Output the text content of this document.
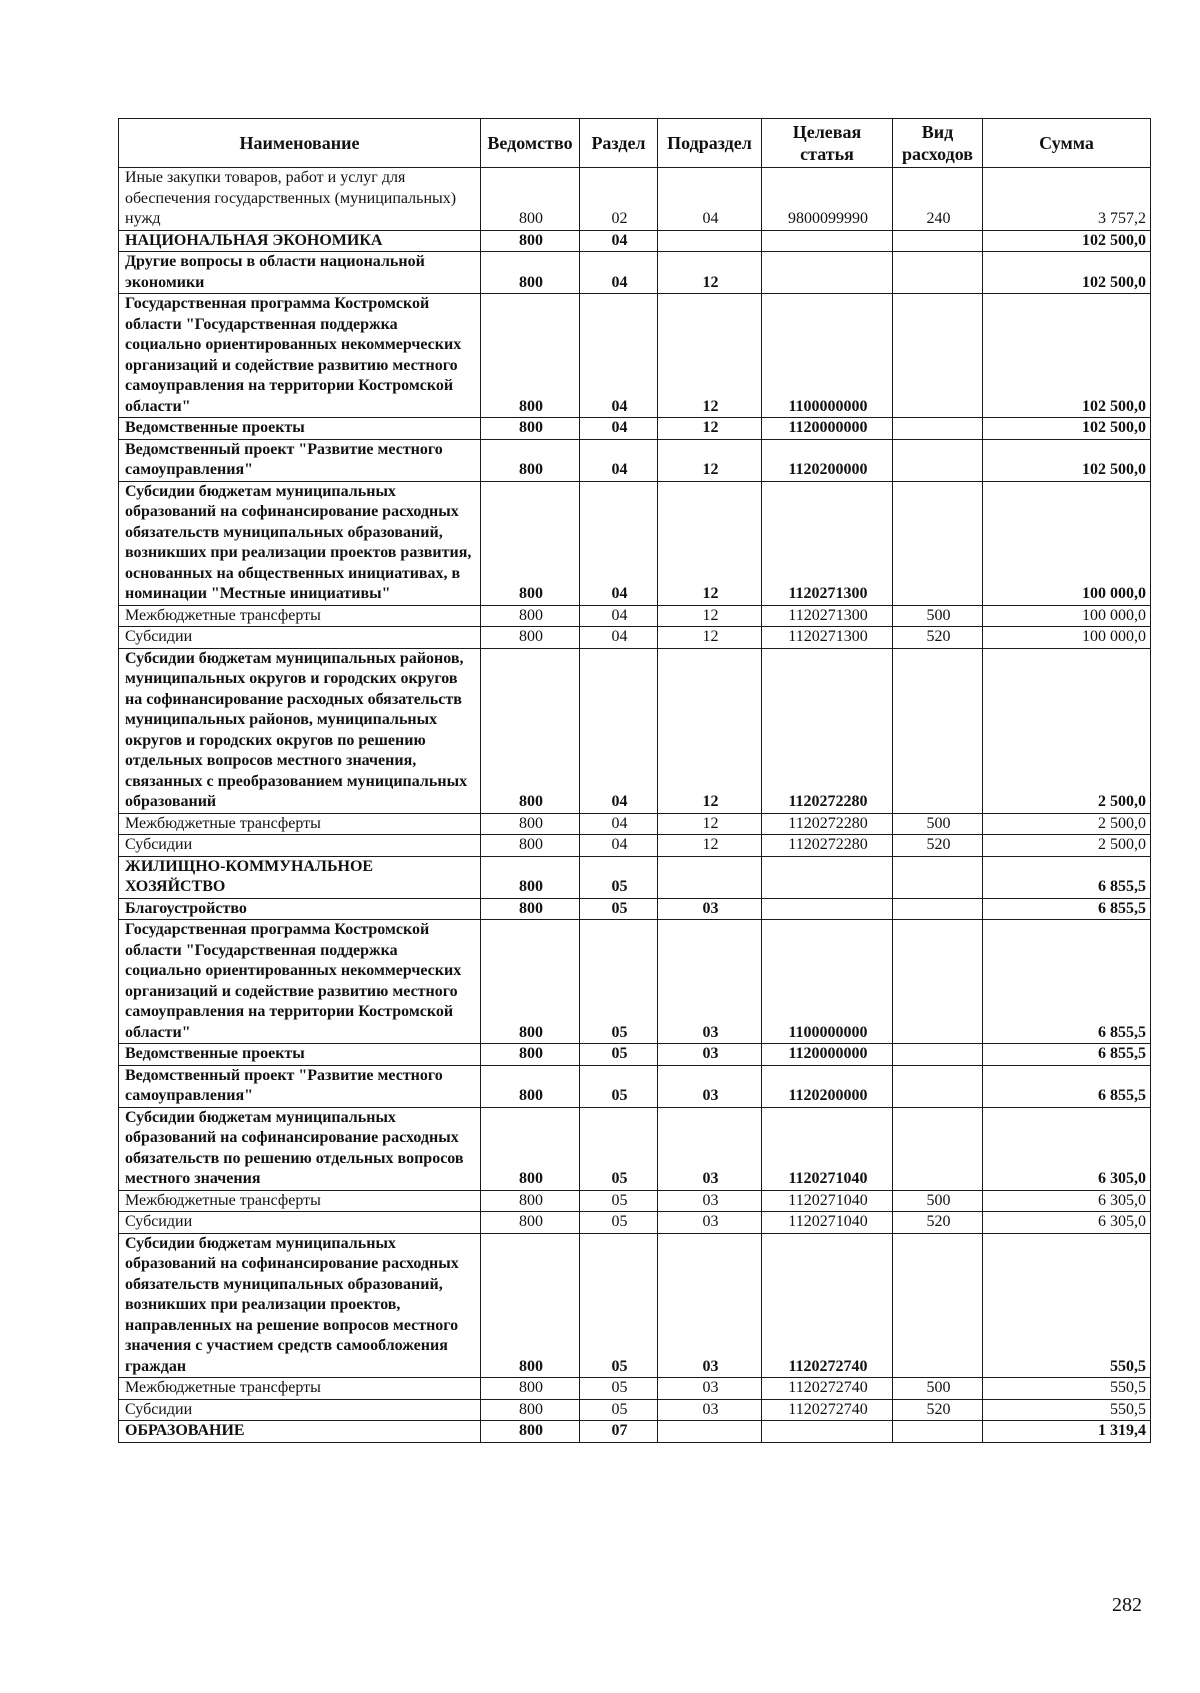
Наименование	Ведомство	Раздел	Подраздел	Целевая статья	Вид расходов	Сумма
Иные закупки товаров, работ и услуг для обеспечения государственных (муниципальных) нужд	800	02	04	9800099990	240	3 757,2
НАЦИОНАЛЬНАЯ ЭКОНОМИКА	800	04				102 500,0
Другие вопросы в области национальной экономики	800	04	12			102 500,0
Государственная программа Костромской области "Государственная поддержка социально ориентированных некоммерческих организаций и содействие развитию местного самоуправления на территории Костромской области"	800	04	12	1100000000		102 500,0
Ведомственные проекты	800	04	12	1120000000		102 500,0
Ведомственный проект "Развитие местного самоуправления"	800	04	12	1120200000		102 500,0
Субсидии бюджетам муниципальных образований на софинансирование расходных обязательств муниципальных образований, возникших при реализации проектов развития, основанных на общественных инициативах, в номинации "Местные инициативы"	800	04	12	1120271300		100 000,0
Межбюджетные трансферты	800	04	12	1120271300	500	100 000,0
Субсидии	800	04	12	1120271300	520	100 000,0
Субсидии бюджетам муниципальных районов, муниципальных округов и городских округов на софинансирование расходных обязательств муниципальных районов, муниципальных округов и городских округов по решению отдельных вопросов местного значения, связанных с преобразованием муниципальных образований	800	04	12	1120272280		2 500,0
Межбюджетные трансферты	800	04	12	1120272280	500	2 500,0
Субсидии	800	04	12	1120272280	520	2 500,0
ЖИЛИЩНО-КОММУНАЛЬНОЕ ХОЗЯЙСТВО	800	05				6 855,5
Благоустройство	800	05	03			6 855,5
Государственная программа Костромской области "Государственная поддержка социально ориентированных некоммерческих организаций и содействие развитию местного самоуправления на территории Костромской области"	800	05	03	1100000000		6 855,5
Ведомственные проекты	800	05	03	1120000000		6 855,5
Ведомственный проект "Развитие местного самоуправления"	800	05	03	1120200000		6 855,5
Субсидии бюджетам муниципальных образований на софинансирование расходных обязательств по решению отдельных вопросов местного значения	800	05	03	1120271040		6 305,0
Межбюджетные трансферты	800	05	03	1120271040	500	6 305,0
Субсидии	800	05	03	1120271040	520	6 305,0
Субсидии бюджетам муниципальных образований на софинансирование расходных обязательств муниципальных образований, возникших при реализации проектов, направленных на решение вопросов местного значения с участием средств самообложения граждан	800	05	03	1120272740		550,5
Межбюджетные трансферты	800	05	03	1120272740	500	550,5
Субсидии	800	05	03	1120272740	520	550,5
ОБРАЗОВАНИЕ	800	07				1 319,4
282
